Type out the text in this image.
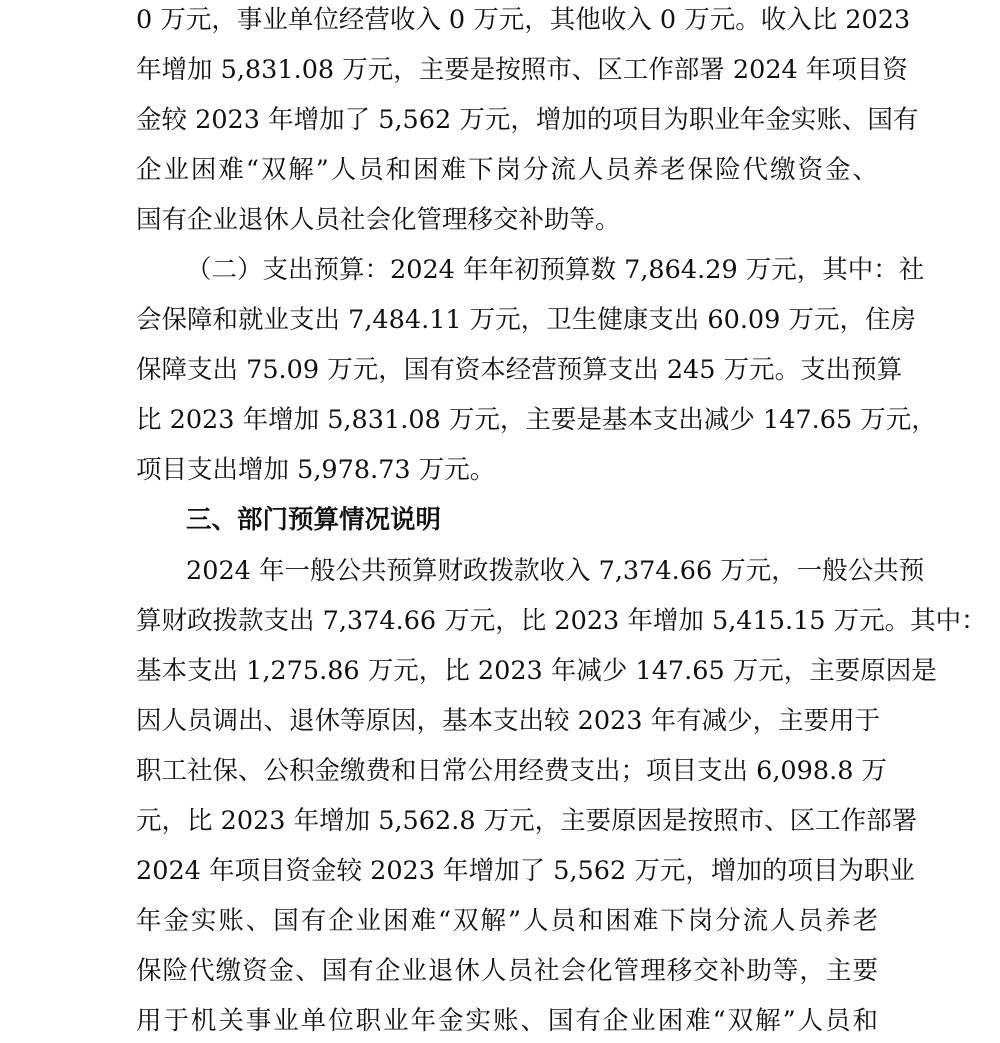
0 万元，事业单位经营收入 0 万元，其他收入 0 万元。收入比 2023
年增加 5,831.08 万元，主要是按照市、区工作部署 2024 年项目资
金较 2023 年增加了 5,562 万元，增加的项目为职业年金实账、国有
企业困难“双解”人员和困难下岗分流人员养老保险代缴资金、
国有企业退休人员社会化管理移交补助等。
（二）支出预算：2024 年年初预算数 7,864.29 万元，其中：社
会保障和就业支出 7,484.11 万元，卫生健康支出 60.09 万元，住房
保障支出 75.09 万元，国有资本经营预算支出 245 万元。支出预算
比 2023 年增加 5,831.08 万元，主要是基本支出减少 147.65 万元，
项目支出增加 5,978.73 万元。
三、部门预算情况说明
2024 年一般公共预算财政拨款收入 7,374.66 万元，一般公共预
算财政拨款支出 7,374.66 万元，比 2023 年增加 5,415.15 万元。其中：
基本支出 1,275.86 万元，比 2023 年减少 147.65 万元，主要原因是
因人员调出、退休等原因，基本支出较 2023 年有减少，主要用于
职工社保、公积金缴费和日常公用经费支出；项目支出 6,098.8 万
元，比 2023 年增加 5,562.8 万元，主要原因是按照市、区工作部署
2024 年项目资金较 2023 年增加了 5,562 万元，增加的项目为职业
年金实账、国有企业困难“双解”人员和困难下岗分流人员养老
保险代缴资金、国有企业退休人员社会化管理移交补助等，主要
用于机关事业单位职业年金实账、国有企业困难“双解”人员和
